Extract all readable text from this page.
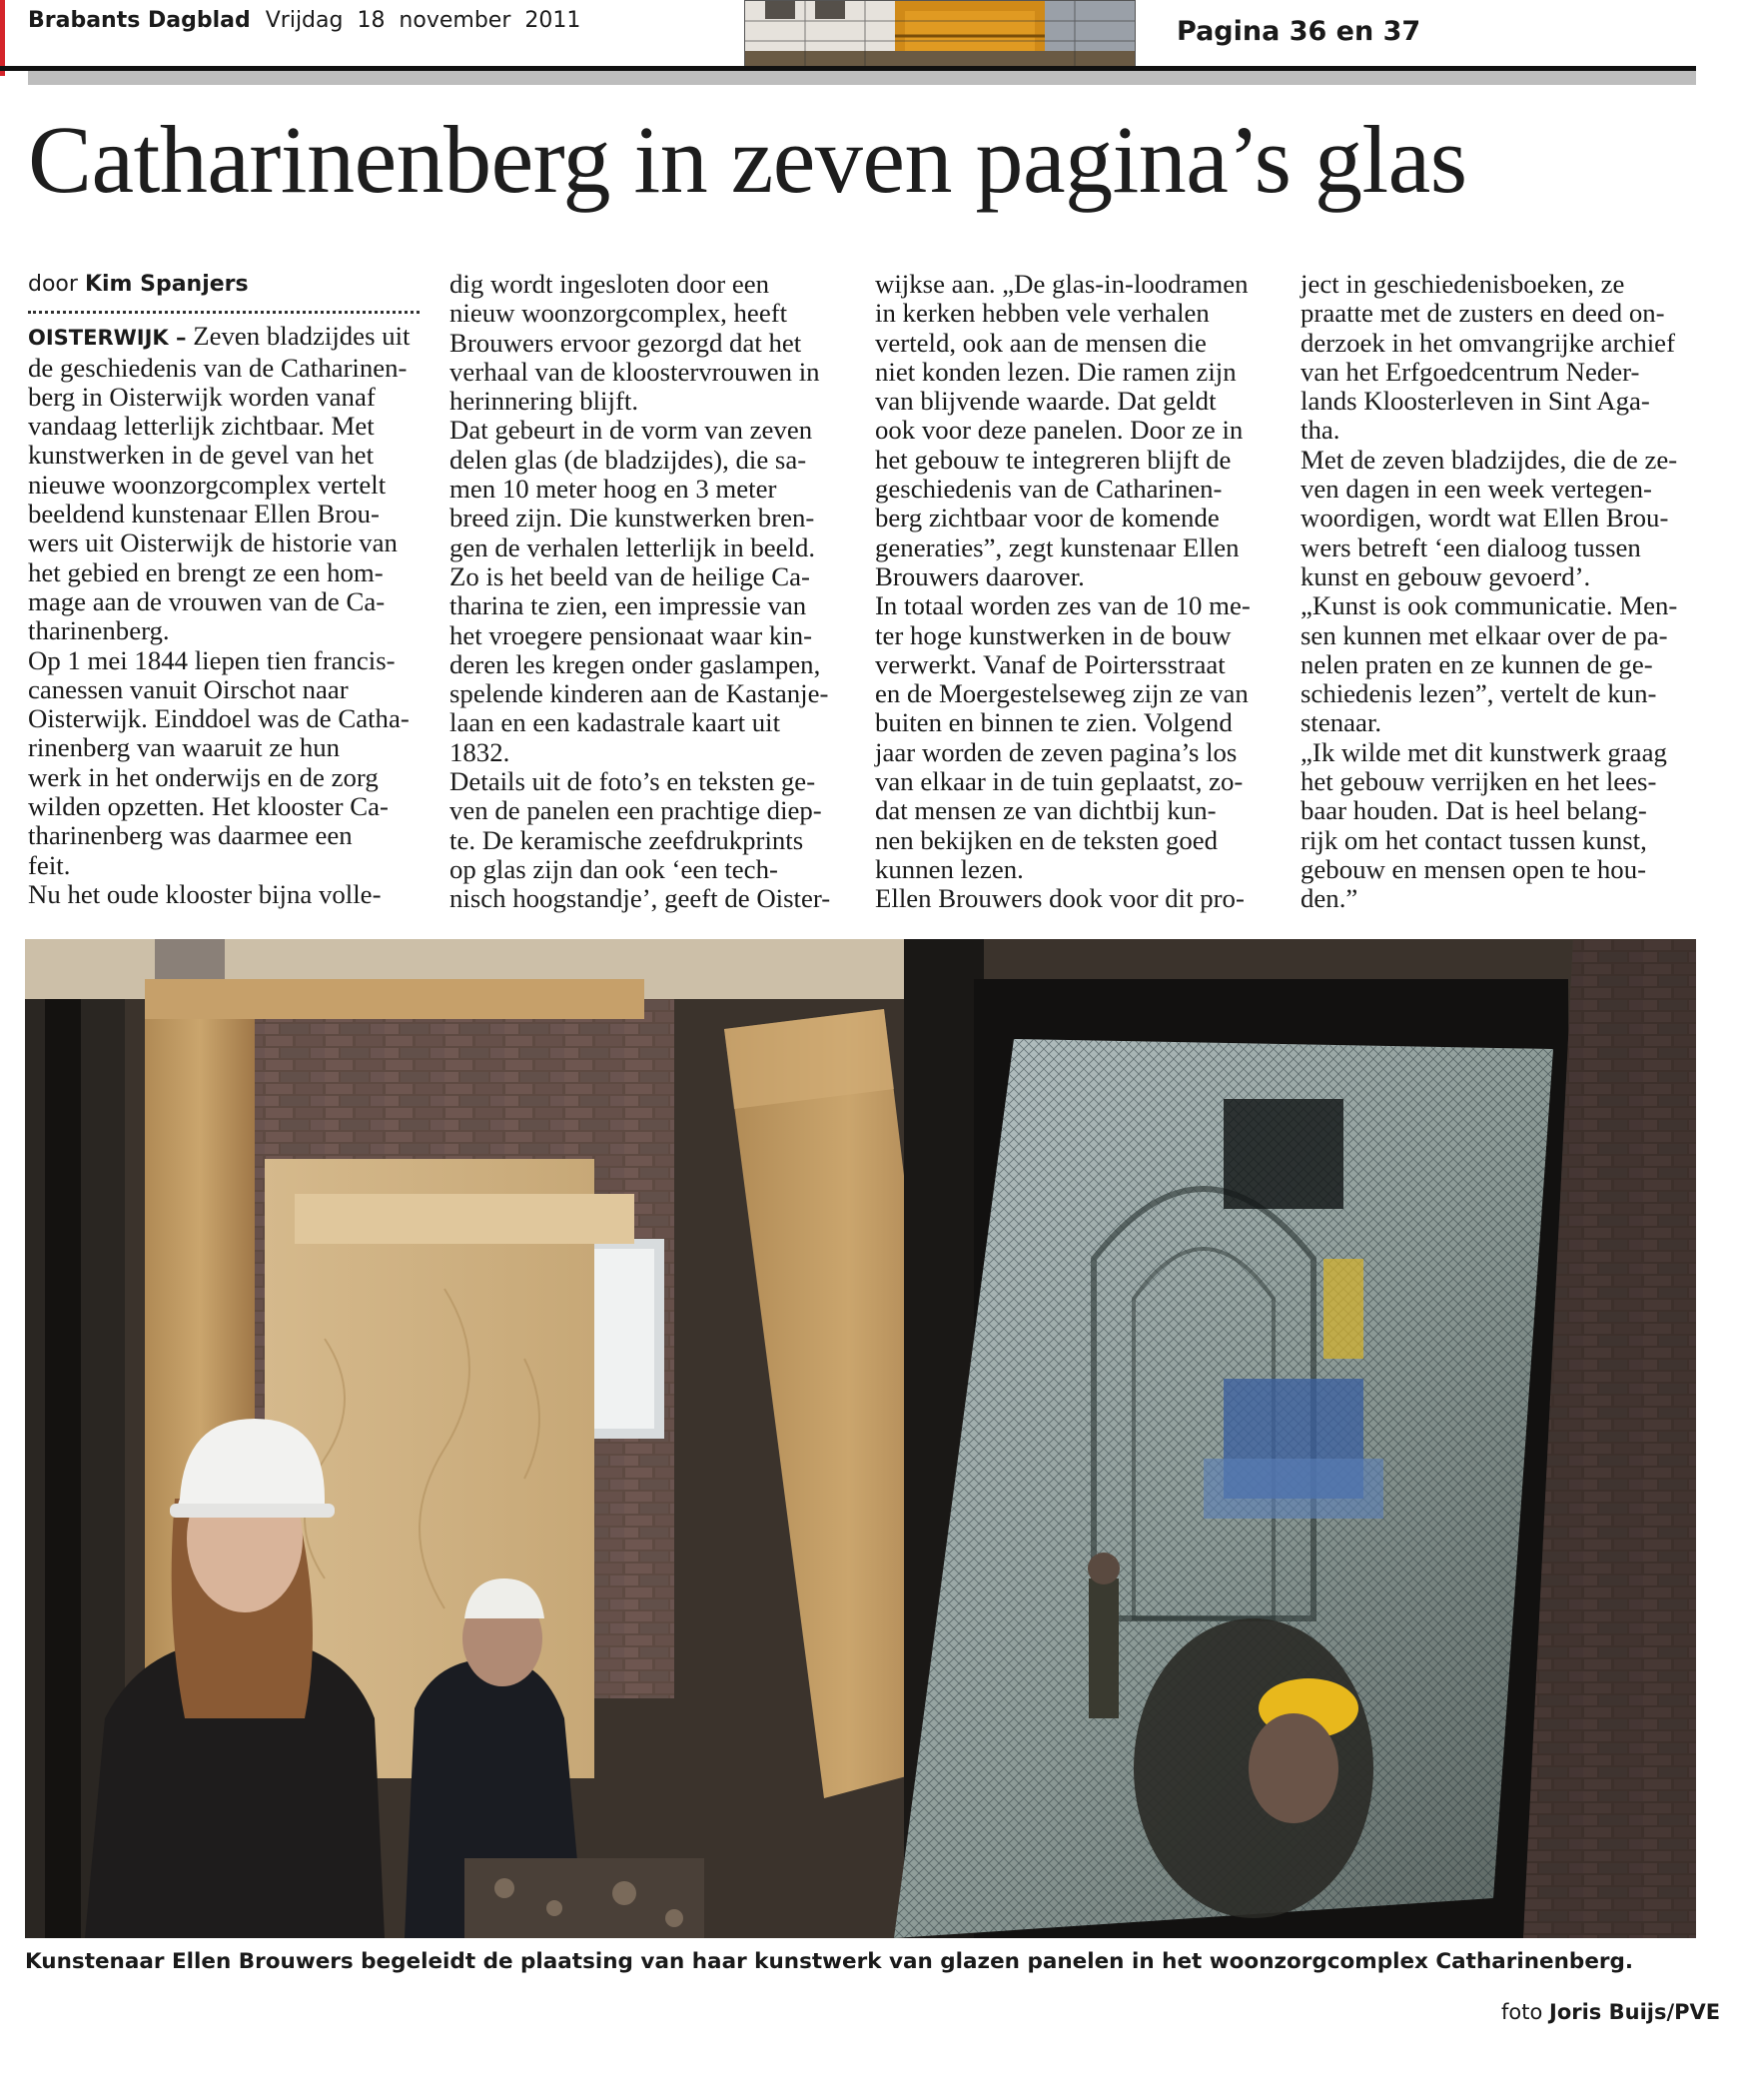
Brabants Dagblad Vrijdag  18  november  2011	Pagina 36 en 37
Catharinenberg in zeven pagina’s glas
door Kim Spanjers
OISTERWIJK – Zeven bladzijdes uit
de geschiedenis van de Catharinen-
berg in Oisterwijk worden vanaf
vandaag letterlijk zichtbaar. Met
kunstwerken in de gevel van het
nieuwe woonzorgcomplex vertelt
beeldend kunstenaar Ellen Brou-
wers uit Oisterwijk de historie van
het gebied en brengt ze een hom-
mage aan de vrouwen van de Ca-
tharinenberg.
Op 1 mei 1844 liepen tien francis-
canessen vanuit Oirschot naar
Oisterwijk. Einddoel was de Catha-
rinenberg van waaruit ze hun
werk in het onderwijs en de zorg
wilden opzetten. Het klooster Ca-
tharinenberg was daarmee een
feit.
Nu het oude klooster bijna volle-
dig wordt ingesloten door een
nieuw woonzorgcomplex, heeft
Brouwers ervoor gezorgd dat het
verhaal van de kloostervrouwen in
herinnering blijft.
Dat gebeurt in de vorm van zeven
delen glas (de bladzijdes), die sa-
men 10 meter hoog en 3 meter
breed zijn. Die kunstwerken bren-
gen de verhalen letterlijk in beeld.
Zo is het beeld van de heilige Ca-
tharina te zien, een impressie van
het vroegere pensionaat waar kin-
deren les kregen onder gaslampen,
spelende kinderen aan de Kastanje-
laan en een kadastrale kaart uit
1832.
Details uit de foto’s en teksten ge-
ven de panelen een prachtige diep-
te. De keramische zeefdrukprints
op glas zijn dan ook ‘een tech-
nisch hoogstandje’, geeft de Oister-
wijkse aan. „De glas-in-loodramen
in kerken hebben vele verhalen
verteld, ook aan de mensen die
niet konden lezen. Die ramen zijn
van blijvende waarde. Dat geldt
ook voor deze panelen. Door ze in
het gebouw te integreren blijft de
geschiedenis van de Catharinen-
berg zichtbaar voor de komende
generaties”, zegt kunstenaar Ellen
Brouwers daarover.
In totaal worden zes van de 10 me-
ter hoge kunstwerken in de bouw
verwerkt. Vanaf de Poirtersstraat
en de Moergestelseweg zijn ze van
buiten en binnen te zien. Volgend
jaar worden de zeven pagina’s los
van elkaar in de tuin geplaatst, zo-
dat mensen ze van dichtbij kun-
nen bekijken en de teksten goed
kunnen lezen.
Ellen Brouwers dook voor dit pro-
ject in geschiedenisboeken, ze
praatte met de zusters en deed on-
derzoek in het omvangrijke archief
van het Erfgoedcentrum Neder-
lands Kloosterleven in Sint Aga-
tha.
Met de zeven bladzijdes, die de ze-
ven dagen in een week vertegen-
woordigen, wordt wat Ellen Brou-
wers betreft ‘een dialoog tussen
kunst en gebouw gevoerd’.
„Kunst is ook communicatie. Men-
sen kunnen met elkaar over de pa-
nelen praten en ze kunnen de ge-
schiedenis lezen”, vertelt de kun-
stenaar.
„Ik wilde met dit kunstwerk graag
het gebouw verrijken en het lees-
baar houden. Dat is heel belang-
rijk om het contact tussen kunst,
gebouw en mensen open te hou-
den.”
Kunstenaar Ellen Brouwers begeleidt de plaatsing van haar kunstwerk van glazen panelen in het woonzorgcomplex Catharinenberg.
foto Joris Buijs/PVE
